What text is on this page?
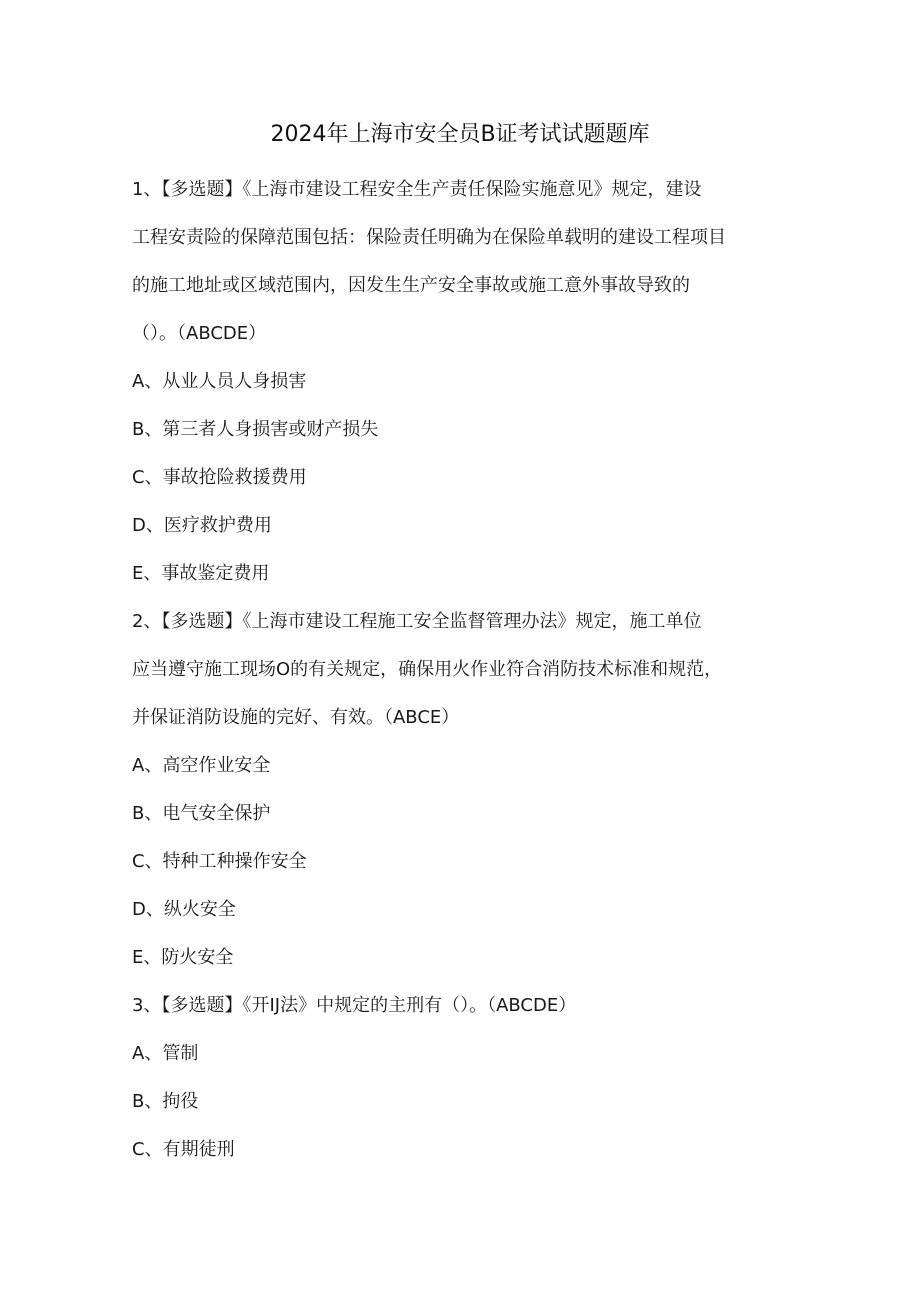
2024年上海市安全员B证考试试题题库
1、【多选题】《上海市建设工程安全生产责任保险实施意见》规定，建设
工程安责险的保障范围包括：保险责任明确为在保险单载明的建设工程项目
的施工地址或区域范围内，因发生生产安全事故或施工意外事故导致的
（）。（ABCDE）
A、从业人员人身损害
B、第三者人身损害或财产损失
C、事故抢险救援费用
D、医疗救护费用
E、事故鉴定费用
2、【多选题】《上海市建设工程施工安全监督管理办法》规定，施工单位
应当遵守施工现场O的有关规定，确保用火作业符合消防技术标准和规范，
并保证消防设施的完好、有效。（ABCE）
A、高空作业安全
B、电气安全保护
C、特种工种操作安全
D、纵火安全
E、防火安全
3、【多选题】《开IJ法》中规定的主刑有（）。（ABCDE）
A、管制
B、拘役
C、有期徒刑
